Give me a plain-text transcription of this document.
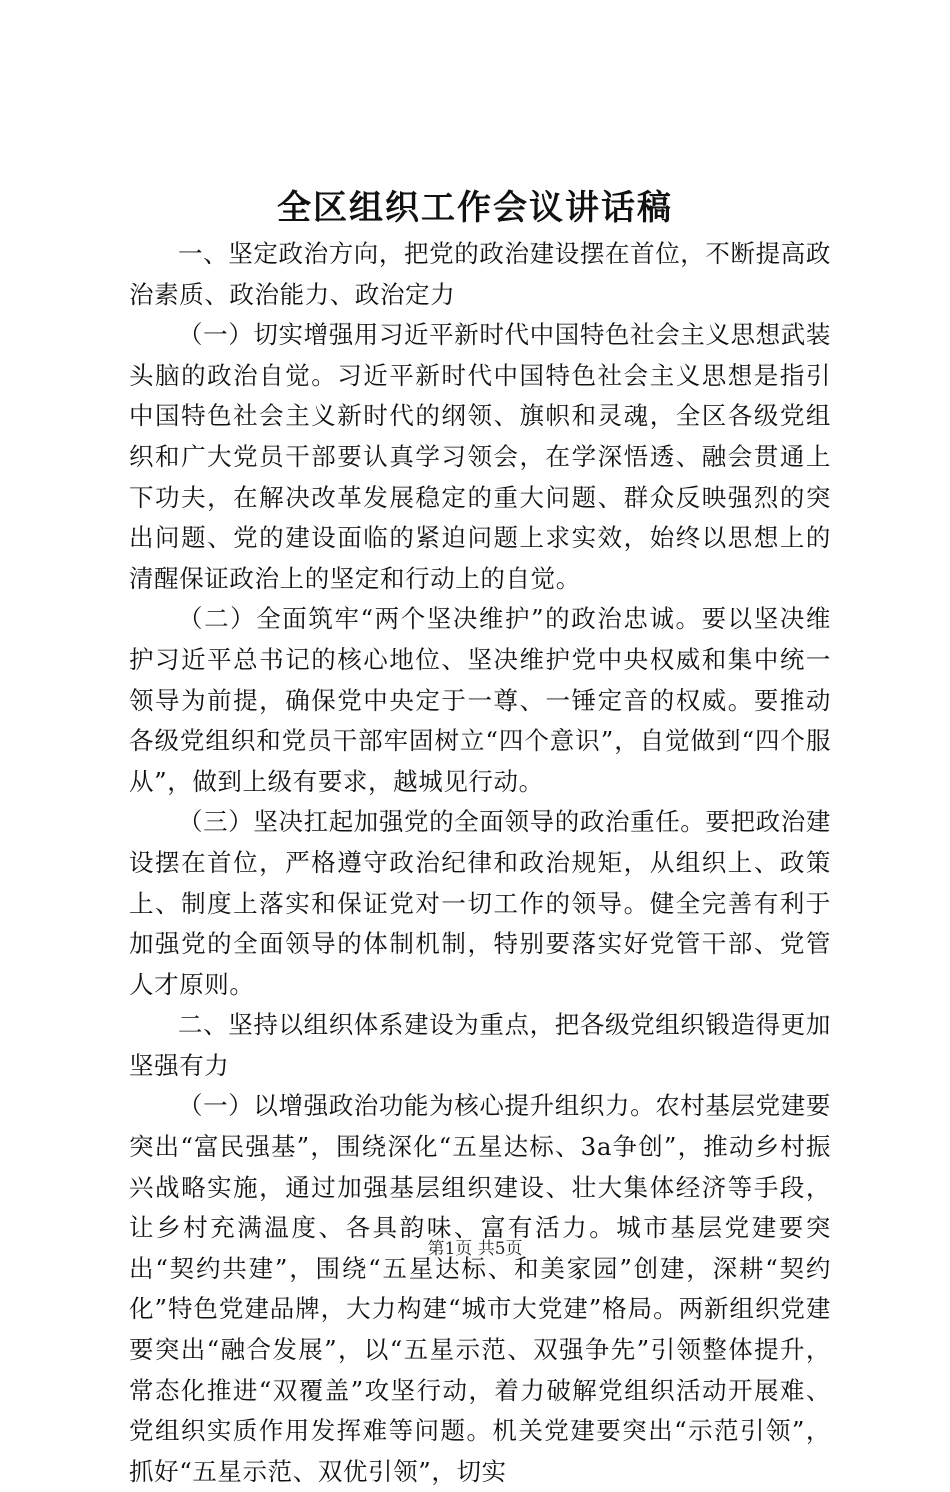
全区组织工作会议讲话稿

一、坚定政治方向，把党的政治建设摆在首位，不断提高政治素质、政治能力、政治定力

（一）切实增强用习近平新时代中国特色社会主义思想武装头脑的政治自觉。习近平新时代中国特色社会主义思想是指引中国特色社会主义新时代的纲领、旗帜和灵魂，全区各级党组织和广大党员干部要认真学习领会，在学深悟透、融会贯通上下功夫，在解决改革发展稳定的重大问题、群众反映强烈的突出问题、党的建设面临的紧迫问题上求实效，始终以思想上的清醒保证政治上的坚定和行动上的自觉。

（二）全面筑牢“两个坚决维护”的政治忠诚。要以坚决维护习近平总书记的核心地位、坚决维护党中央权威和集中统一领导为前提，确保党中央定于一尊、一锤定音的权威。要推动各级党组织和党员干部牢固树立“四个意识”，自觉做到“四个服从”，做到上级有要求，越城见行动。

（三）坚决扛起加强党的全面领导的政治重任。要把政治建设摆在首位，严格遵守政治纪律和政治规矩，从组织上、政策上、制度上落实和保证党对一切工作的领导。健全完善有利于加强党的全面领导的体制机制，特别要落实好党管干部、党管人才原则。

二、坚持以组织体系建设为重点，把各级党组织锻造得更加坚强有力

（一）以增强政治功能为核心提升组织力。农村基层党建要突出“富民强基”，围绕深化“五星达标、3a争创”，推动乡村振兴战略实施，通过加强基层组织建设、壮大集体经济等手段，让乡村充满温度、各具韵味、富有活力。城市基层党建要突出“契约共建”，围绕“五星达标、和美家园”创建，深耕“契约化”特色党建品牌，大力构建“城市大党建”格局。两新组织党建要突出“融合发展”，以“五星示范、双强争先”引领整体提升，常态化推进“双覆盖”攻坚行动，着力破解党组织活动开展难、党组织实质作用发挥难等问题。机关党建要突出“示范引领”，抓好“五星示范、双优引领”，切实

第1页 共5页
